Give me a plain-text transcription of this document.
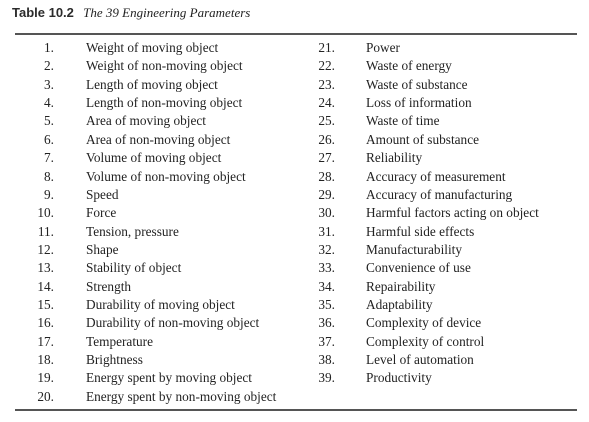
Table 10.2 The 39 Engineering Parameters
1. Weight of moving object
2. Weight of non-moving object
3. Length of moving object
4. Length of non-moving object
5. Area of moving object
6. Area of non-moving object
7. Volume of moving object
8. Volume of non-moving object
9. Speed
10. Force
11. Tension, pressure
12. Shape
13. Stability of object
14. Strength
15. Durability of moving object
16. Durability of non-moving object
17. Temperature
18. Brightness
19. Energy spent by moving object
20. Energy spent by non-moving object
21. Power
22. Waste of energy
23. Waste of substance
24. Loss of information
25. Waste of time
26. Amount of substance
27. Reliability
28. Accuracy of measurement
29. Accuracy of manufacturing
30. Harmful factors acting on object
31. Harmful side effects
32. Manufacturability
33. Convenience of use
34. Repairability
35. Adaptability
36. Complexity of device
37. Complexity of control
38. Level of automation
39. Productivity
